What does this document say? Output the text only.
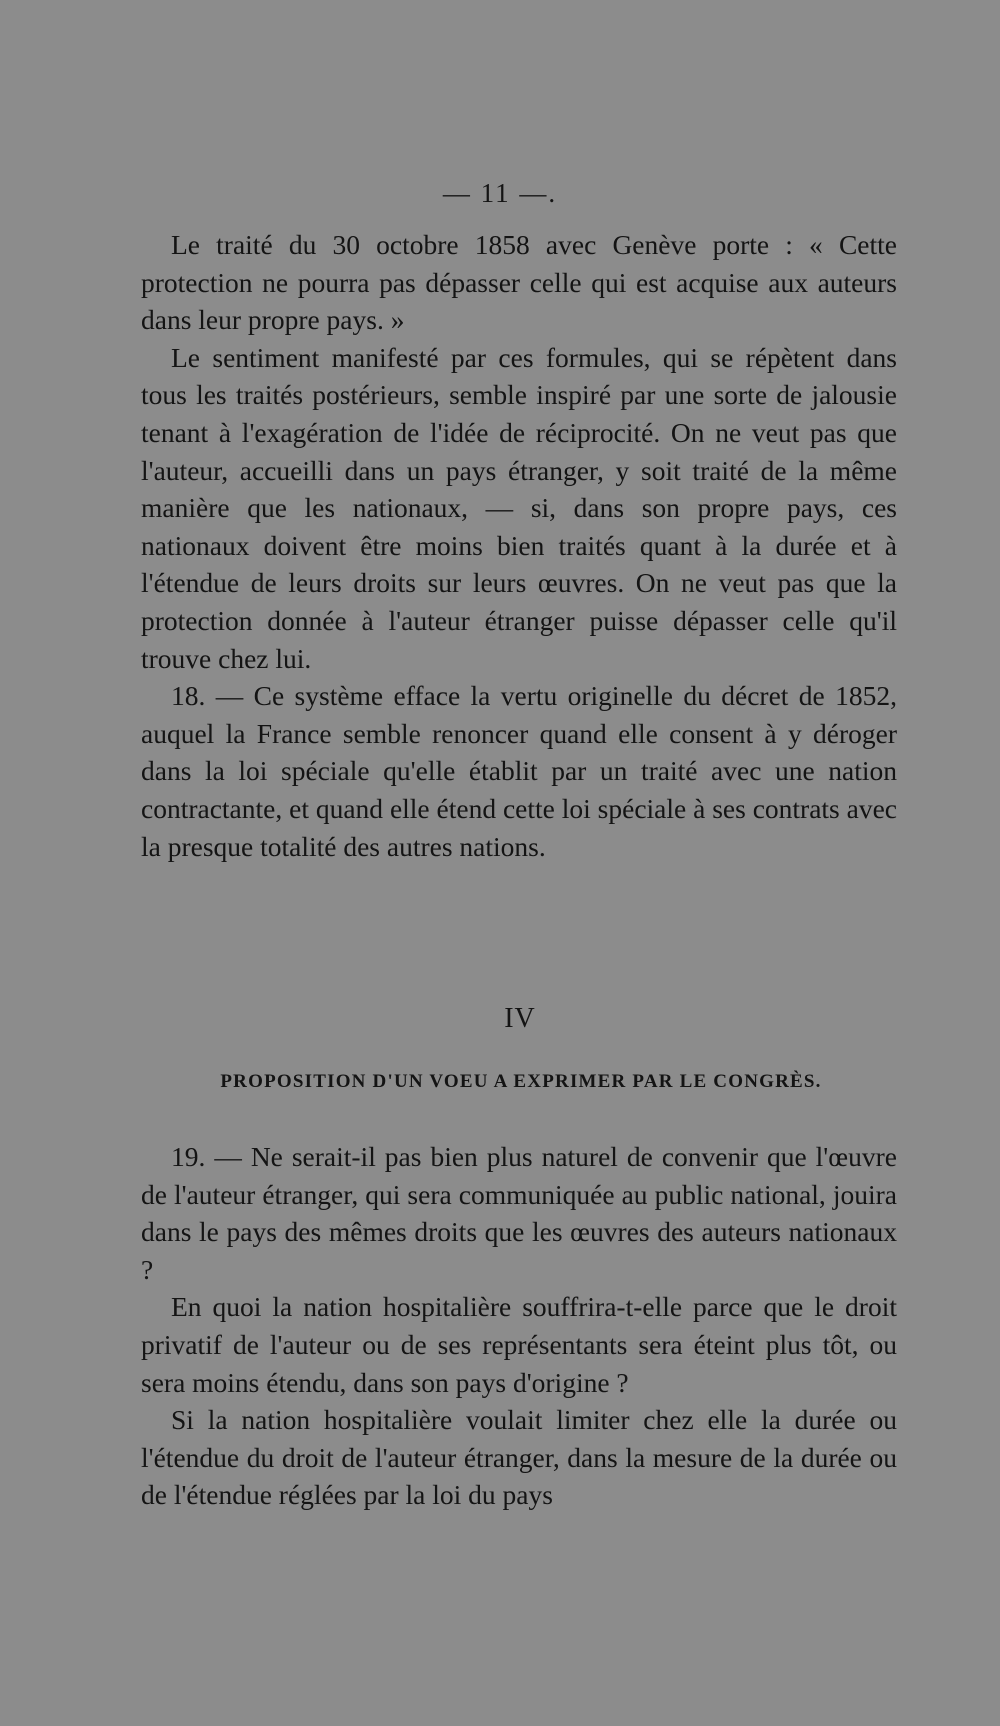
— 11 —.

Le traité du 30 octobre 1858 avec Genève porte : « Cette protection ne pourra pas dépasser celle qui est acquise aux auteurs dans leur propre pays. »

Le sentiment manifesté par ces formules, qui se répètent dans tous les traités postérieurs, semble inspiré par une sorte de jalousie tenant à l'exagération de l'idée de réciprocité. On ne veut pas que l'auteur, accueilli dans un pays étranger, y soit traité de la même manière que les nationaux, — si, dans son propre pays, ces nationaux doivent être moins bien traités quant à la durée et à l'étendue de leurs droits sur leurs œuvres. On ne veut pas que la protection donnée à l'auteur étranger puisse dépasser celle qu'il trouve chez lui.

18. — Ce système efface la vertu originelle du décret de 1852, auquel la France semble renoncer quand elle consent à y déroger dans la loi spéciale qu'elle établit par un traité avec une nation contractante, et quand elle étend cette loi spéciale à ses contrats avec la presque totalité des autres nations.

IV
PROPOSITION D'UN VOEU A EXPRIMER PAR LE CONGRÈS.

19. — Ne serait-il pas bien plus naturel de convenir que l'œuvre de l'auteur étranger, qui sera communiquée au public national, jouira dans le pays des mêmes droits que les œuvres des auteurs nationaux ?

En quoi la nation hospitalière souffrira-t-elle parce que le droit privatif de l'auteur ou de ses représentants sera éteint plus tôt, ou sera moins étendu, dans son pays d'origine ?

Si la nation hospitalière voulait limiter chez elle la durée ou l'étendue du droit de l'auteur étranger, dans la mesure de la durée ou de l'étendue réglées par la loi du pays
